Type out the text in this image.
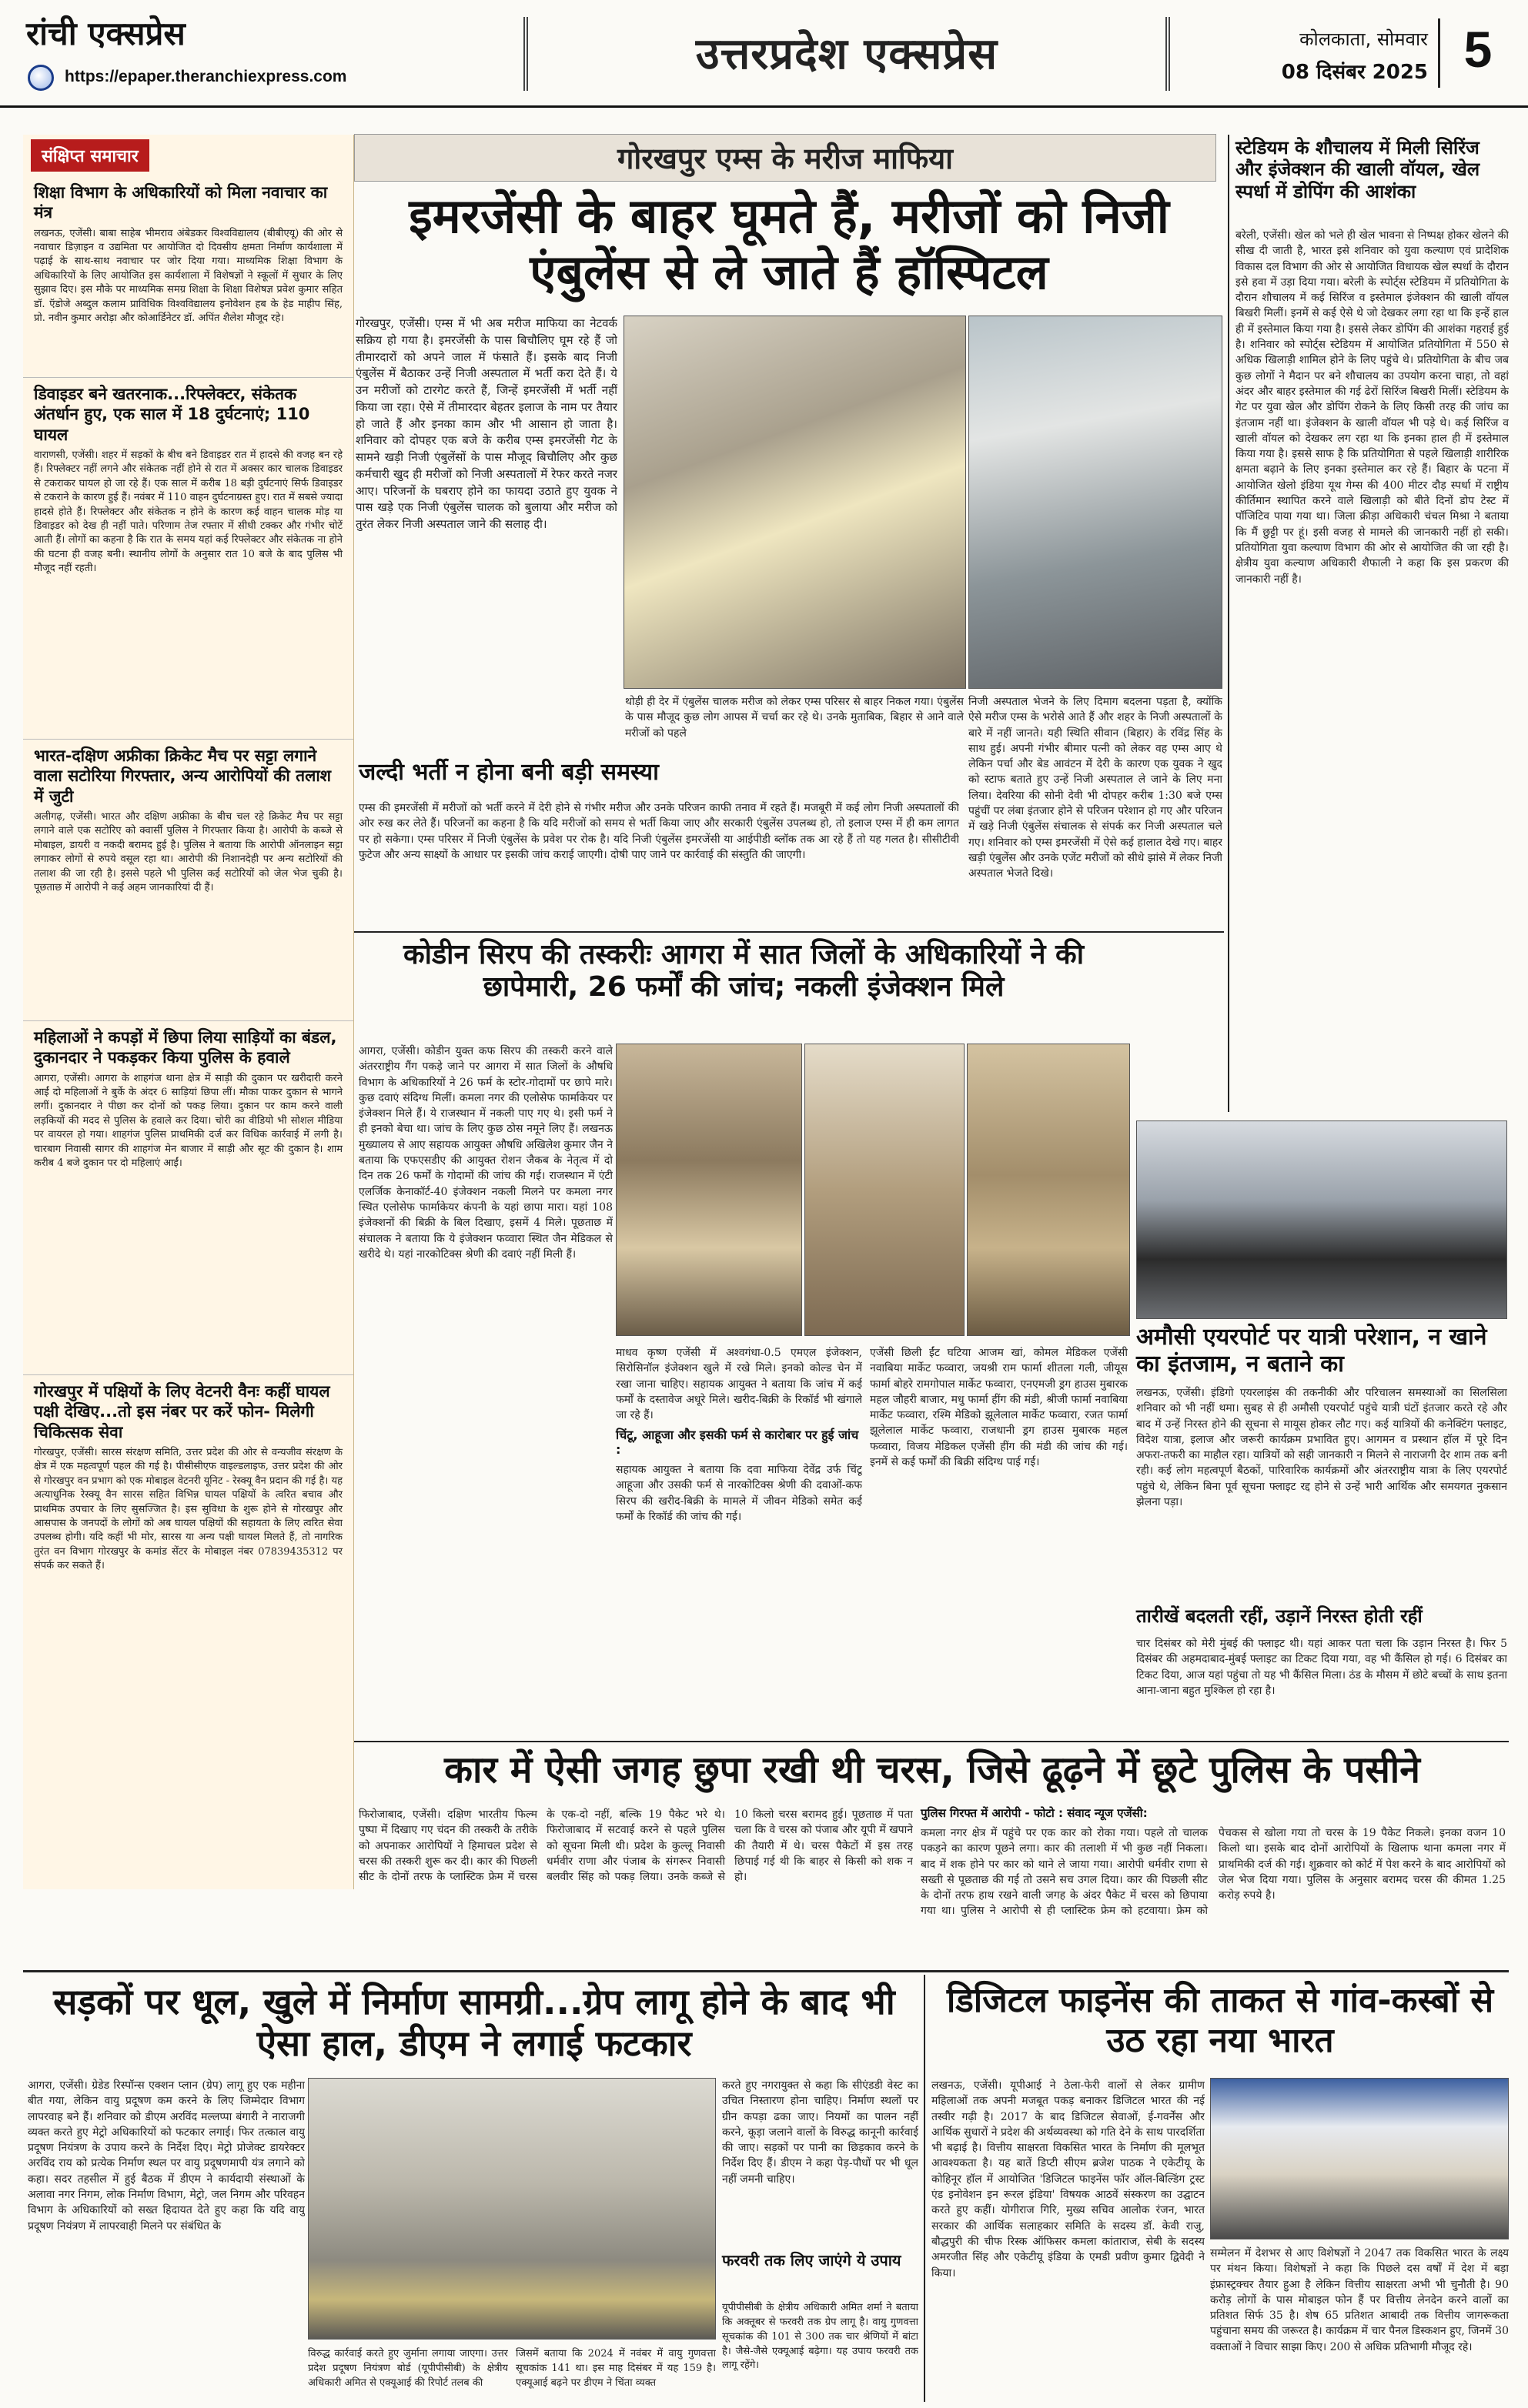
रांची एक्सप्रेस
https://epaper.theranchiexpress.com	उत्तरप्रदेश एक्सप्रेस	कोलकाता, सोमवार
08 दिसंबर 2025 5
संक्षिप्त समाचार
शिक्षा विभाग के अधिकारियों को मिला नवाचार का मंत्र
लखनऊ, एजेंसी। बाबा साहेब भीमराव अंबेडकर विश्वविद्यालय (बीबीएयू) की ओर से नवाचार डिज़ाइन व उद्यमिता पर आयोजित दो दिवसीय क्षमता निर्माण कार्यशाला में पढ़ाई के साथ-साथ नवाचार पर जोर दिया गया। माध्यमिक शिक्षा विभाग के अधिकारियों के लिए आयोजित इस कार्यशाला में विशेषज्ञों ने स्कूलों में सुधार के लिए सुझाव दिए। इस मौके पर माध्यमिक समग्र शिक्षा के शिक्षा विशेषज्ञ प्रवेश कुमार सहित डॉ. ऍडोजे अब्दुल कलाम प्राविधिक विश्वविद्यालय इनोवेशन हब के हेड माहीप सिंह, प्रो. नवीन कुमार अरोड़ा और कोआर्डिनेटर डॉ. अपिंत शैलेश मौजूद रहे।
डिवाइडर बने खतरनाक...रिफ्लेक्टर, संकेतक अंतर्धान हुए, एक साल में 18 दुर्घटनाएं; 110 घायल
वाराणसी, एजेंसी। शहर में सड़कों के बीच बने डिवाइडर रात में हादसे की वजह बन रहे हैं। रिफ्लेक्टर नहीं लगने और संकेतक नहीं होने से रात में अक्सर कार चालक डिवाइडर से टकराकर घायल हो जा रहे हैं। एक साल में करीब 18 बड़ी दुर्घटनाएं सिर्फ डिवाइडर से टकराने के कारण हुई हैं। नवंबर में 110 वाहन दुर्घटनाग्रस्त हुए। रात में सबसे ज्यादा हादसे होते हैं। रिफ्लेक्टर और संकेतक न होने के कारण कई वाहन चालक मोड़ या डिवाइडर को देख ही नहीं पाते। परिणाम तेज रफ्तार में सीधी टक्कर और गंभीर चोटें आती हैं। लोगों का कहना है कि रात के समय यहां कई रिफ्लेक्टर और संकेतक ना होने की घटना ही वजह बनी। स्थानीय लोगों के अनुसार रात 10 बजे के बाद पुलिस भी मौजूद नहीं रहती।
भारत-दक्षिण अफ्रीका क्रिकेट मैच पर सट्टा लगाने वाला सटोरिया गिरफ्तार, अन्य आरोपियों की तलाश में जुटी
अलीगढ़, एजेंसी। भारत और दक्षिण अफ्रीका के बीच चल रहे क्रिकेट मैच पर सट्टा लगाने वाले एक सटोरिए को क्वार्सी पुलिस ने गिरफ्तार किया है। आरोपी के कब्जे से मोबाइल, डायरी व नकदी बरामद हुई है। पुलिस ने बताया कि आरोपी ऑनलाइन सट्टा लगाकर लोगों से रुपये वसूल रहा था। आरोपी की निशानदेही पर अन्य सटोरियों की तलाश की जा रही है। इससे पहले भी पुलिस कई सटोरियों को जेल भेज चुकी है। पूछताछ में आरोपी ने कई अहम जानकारियां दी हैं।
महिलाओं ने कपड़ों में छिपा लिया साड़ियों का बंडल, दुकानदार ने पकड़कर किया पुलिस के हवाले
आगरा, एजेंसी। आगरा के शाहगंज थाना क्षेत्र में साड़ी की दुकान पर खरीदारी करने आईं दो महिलाओं ने बुर्के के अंदर 6 साड़ियां छिपा लीं। मौका पाकर दुकान से भागने लगीं। दुकानदार ने पीछा कर दोनों को पकड़ लिया। दुकान पर काम करने वाली लड़कियों की मदद से पुलिस के हवाले कर दिया। चोरी का वीडियो भी सोशल मीडिया पर वायरल हो गया। शाहगंज पुलिस प्राथमिकी दर्ज कर विधिक कार्रवाई में लगी है। चारबाग निवासी सागर की शाहगंज मेन बाजार में साड़ी और सूट की दुकान है। शाम करीब 4 बजे दुकान पर दो महिलाएं आईं।
गोरखपुर में पक्षियों के लिए वेटनरी वैनः कहीं घायल पक्षी देखिए...तो इस नंबर पर करें फोन- मिलेगी चिकित्सक सेवा
गोरखपुर, एजेंसी। सारस संरक्षण समिति, उत्तर प्रदेश की ओर से वन्यजीव संरक्षण के क्षेत्र में एक महत्वपूर्ण पहल की गई है। पीसीसीएफ वाइल्डलाइफ, उत्तर प्रदेश की ओर से गोरखपुर वन प्रभाग को एक मोबाइल वेटनरी यूनिट - रेस्क्यू वैन प्रदान की गई है। यह अत्याधुनिक रेस्क्यू वैन सारस सहित विभिन्न घायल पक्षियों के त्वरित बचाव और प्राथमिक उपचार के लिए सुसज्जित है। इस सुविधा के शुरू होने से गोरखपुर और आसपास के जनपदों के लोगों को अब घायल पक्षियों की सहायता के लिए त्वरित सेवा उपलब्ध होगी। यदि कहीं भी मोर, सारस या अन्य पक्षी घायल मिलते हैं, तो नागरिक तुरंत वन विभाग गोरखपुर के कमांड सेंटर के मोबाइल नंबर 07839435312 पर संपर्क कर सकते हैं।
गोरखपुर एम्स के मरीज माफिया
इमरजेंसी के बाहर घूमते हैं, मरीजों को निजी एंबुलेंस से ले जाते हैं हॉस्पिटल
गोरखपुर, एजेंसी। एम्स में भी अब मरीज माफिया का नेटवर्क सक्रिय हो गया है। इमरजेंसी के पास बिचौलिए घूम रहे हैं जो तीमारदारों को अपने जाल में फंसाते हैं। इसके बाद निजी एंबुलेंस में बैठाकर उन्हें निजी अस्पताल में भर्ती करा देते हैं। ये उन मरीजों को टारगेट करते हैं, जिन्हें इमरजेंसी में भर्ती नहीं किया जा रहा। ऐसे में तीमारदार बेहतर इलाज के नाम पर तैयार हो जाते हैं और इनका काम और भी आसान हो जाता है। शनिवार को दोपहर एक बजे के करीब एम्स इमरजेंसी गेट के सामने खड़ी निजी एंबुलेंसों के पास मौजूद बिचौलिए और कुछ कर्मचारी खुद ही मरीजों को निजी अस्पतालों में रेफर करते नजर आए। परिजनों के घबराए होने का फायदा उठाते हुए युवक ने पास खड़े एक निजी एंबुलेंस चालक को बुलाया और मरीज को तुरंत लेकर निजी अस्पताल जाने की सलाह दी।
थोड़ी ही देर में एंबुलेंस चालक मरीज को लेकर एम्स परिसर से बाहर निकल गया। एंबुलेंस के पास मौजूद कुछ लोग आपस में चर्चा कर रहे थे। उनके मुताबिक, बिहार से आने वाले मरीजों को पहले
निजी अस्पताल भेजने के लिए दिमाग बदलना पड़ता है, क्योंकि ऐसे मरीज एम्स के भरोसे आते हैं और शहर के निजी अस्पतालों के बारे में नहीं जानते। यही स्थिति सीवान (बिहार) के रविंद्र सिंह के साथ हुई। अपनी गंभीर बीमार पत्नी को लेकर वह एम्स आए थे लेकिन पर्चा और बेड आवंटन में देरी के कारण एक युवक ने खुद को स्टाफ बताते हुए उन्हें निजी अस्पताल ले जाने के लिए मना लिया। देवरिया की सोनी देवी भी दोपहर करीब 1:30 बजे एम्स पहुंचीं पर लंबा इंतजार होने से परिजन परेशान हो गए और परिजन में खड़े निजी एंबुलेंस संचालक से संपर्क कर निजी अस्पताल चले गए। शनिवार को एम्स इमरजेंसी में ऐसे कई हालात देखे गए। बाहर खड़ी एंबुलेंस और उनके एजेंट मरीजों को सीधे झांसे में लेकर निजी अस्पताल भेजते दिखे।
जल्दी भर्ती न होना बनी बड़ी समस्या
एम्स की इमरजेंसी में मरीजों को भर्ती करने में देरी होने से गंभीर मरीज और उनके परिजन काफी तनाव में रहते हैं। मजबूरी में कई लोग निजी अस्पतालों की ओर रुख कर लेते हैं। परिजनों का कहना है कि यदि मरीजों को समय से भर्ती किया जाए और सरकारी एंबुलेंस उपलब्ध हो, तो इलाज एम्स में ही कम लागत पर हो सकेगा। एम्स परिसर में निजी एंबुलेंस के प्रवेश पर रोक है। यदि निजी एंबुलेंस इमरजेंसी या आईपीडी ब्लॉक तक आ रहे हैं तो यह गलत है। सीसीटीवी फुटेज और अन्य साक्ष्यों के आधार पर इसकी जांच कराई जाएगी। दोषी पाए जाने पर कार्रवाई की संस्तुति की जाएगी।
स्टेडियम के शौचालय में मिली सिरिंज और इंजेक्शन की खाली वॉयल, खेल स्पर्धा में डोपिंग की आशंका
बरेली, एजेंसी। खेल को भले ही खेल भावना से निष्पक्ष होकर खेलने की सीख दी जाती है, भारत इसे शनिवार को युवा कल्याण एवं प्रादेशिक विकास दल विभाग की ओर से आयोजित विधायक खेल स्पर्धा के दौरान इसे हवा में उड़ा दिया गया। बरेली के स्पोर्ट्स स्टेडियम में प्रतियोगिता के दौरान शौचालय में कई सिरिंज व इस्तेमाल इंजेक्शन की खाली वॉयल बिखरी मिलीं। इनमें से कई ऐसे थे जो देखकर लगा रहा था कि इन्हें हाल ही में इस्तेमाल किया गया है। इससे लेकर डोपिंग की आशंका गहराई हुई है। शनिवार को स्पोर्ट्स स्टेडियम में आयोजित प्रतियोगिता में 550 से अधिक खिलाड़ी शामिल होने के लिए पहुंचे थे। प्रतियोगिता के बीच जब कुछ लोगों ने मैदान पर बने शौचालय का उपयोग करना चाहा, तो वहां अंदर और बाहर इस्तेमाल की गई ढेरों सिरिंज बिखरी मिलीं। स्टेडियम के गेट पर युवा खेल और डोपिंग रोकने के लिए किसी तरह की जांच का इंतजाम नहीं था। इंजेक्शन के खाली वॉयल भी पड़े थे। कई सिरिंज व खाली वॉयल को देखकर लग रहा था कि इनका हाल ही में इस्तेमाल किया गया है। इससे साफ है कि प्रतियोगिता से पहले खिलाड़ी शारीरिक क्षमता बढ़ाने के लिए इनका इस्तेमाल कर रहे हैं। बिहार के पटना में आयोजित खेलो इंडिया यूथ गेम्स की 400 मीटर दौड़ स्पर्धा में राष्ट्रीय कीर्तिमान स्थापित करने वाले खिलाड़ी को बीते दिनों डोप टेस्ट में पॉजिटिव पाया गया था। जिला क्रीड़ा अधिकारी चंचल मिश्रा ने बताया कि मैं छुट्टी पर हूं। इसी वजह से मामले की जानकारी नहीं हो सकी। प्रतियोगिता युवा कल्याण विभाग की ओर से आयोजित की जा रही है। क्षेत्रीय युवा कल्याण अधिकारी शैफाली ने कहा कि इस प्रकरण की जानकारी नहीं है।
कोडीन सिरप की तस्करीः आगरा में सात जिलों के अधिकारियों ने की छापेमारी, 26 फर्मों की जांच; नकली इंजेक्शन मिले
आगरा, एजेंसी। कोडीन युक्त कफ सिरप की तस्करी करने वाले अंतरराष्ट्रीय गैंग पकड़े जाने पर आगरा में सात जिलों के औषधि विभाग के अधिकारियों ने 26 फर्म के स्टोर-गोदामों पर छापे मारे। कुछ दवाएं संदिग्ध मिलीं। कमला नगर की एलोसेफ फार्माकेयर पर इंजेक्शन मिले हैं। ये राजस्थान में नकली पाए गए थे। इसी फर्म ने ही इनको बेचा था। जांच के लिए कुछ ठोस नमूने लिए हैं। लखनऊ मुख्यालय से आए सहायक आयुक्त औषधि अखिलेश कुमार जैन ने बताया कि एफएसडीए की आयुक्त रोशन जैकब के नेतृत्व में दो दिन तक 26 फर्मों के गोदामों की जांच की गई। राजस्थान में एंटी एलर्जिक केनाकॉर्ट-40 इंजेक्शन नकली मिलने पर कमला नगर स्थित एलोसेफ फार्माकेयर कंपनी के यहां छापा मारा। यहां 108 इंजेक्शनों की बिक्री के बिल दिखाए, इसमें 4 मिले। पूछताछ में संचालक ने बताया कि ये इंजेक्शन फव्वारा स्थित जैन मेडिकल से खरीदे थे। यहां नारकोटिक्स श्रेणी की दवाएं नहीं मिली हैं।
माधव कृष्ण एजेंसी में अश्वगंधा-0.5 एमएल इंजेक्शन, सिरोसिनॉल इंजेक्शन खुले में रखे मिले। इनको कोल्ड चेन में रखा जाना चाहिए। सहायक आयुक्त ने बताया कि जांच में कई फर्मों के दस्तावेज अधूरे मिले। खरीद-बिक्री के रिकॉर्ड भी खंगाले जा रहे हैं।
चिंटू, आहूजा और इसकी फर्म से कारोबार पर हुई जांच :
सहायक आयुक्त ने बताया कि दवा माफिया देवेंद्र उर्फ चिंटू आहूजा और उसकी फर्म से नारकोटिक्स श्रेणी की दवाओं-कफ सिरप की खरीद-बिक्री के मामले में जीवन मेडिको समेत कई फर्मों के रिकॉर्ड की जांच की गई।
एजेंसी छिली ईंट घटिया आजम खां, कोमल मेडिकल एजेंसी नवाबिया मार्केट फव्वारा, जयश्री राम फार्मा शीतला गली, जीयूस फार्मा बोहरे रामगोपाल मार्केट फव्वारा, एनएमजी ड्रग हाउस मुबारक महल जौहरी बाजार, मधु फार्मा हींग की मंडी, श्रीजी फार्मा नवाबिया मार्केट फव्वारा, रश्मि मेडिको झूलेलाल मार्केट फव्वारा, रजत फार्मा झूलेलाल मार्केट फव्वारा, राजधानी ड्रग हाउस मुबारक महल फव्वारा, विजय मेडिकल एजेंसी हींग की मंडी की जांच की गई। इनमें से कई फर्मों की बिक्री संदिग्ध पाई गई।
अमौसी एयरपोर्ट पर यात्री परेशान, न खाने का इंतजाम, न बताने का
लखनऊ, एजेंसी। इंडिगो एयरलाइंस की तकनीकी और परिचालन समस्याओं का सिलसिला शनिवार को भी नहीं थमा। सुबह से ही अमौसी एयरपोर्ट पहुंचे यात्री घंटों इंतजार करते रहे और बाद में उन्हें निरस्त होने की सूचना से मायूस होकर लौट गए। कई यात्रियों की कनेक्टिंग फ्लाइट, विदेश यात्रा, इलाज और जरूरी कार्यक्रम प्रभावित हुए। आगमन व प्रस्थान हॉल में पूरे दिन अफरा-तफरी का माहौल रहा। यात्रियों को सही जानकारी न मिलने से नाराजगी देर शाम तक बनी रही। कई लोग महत्वपूर्ण बैठकों, पारिवारिक कार्यक्रमों और अंतरराष्ट्रीय यात्रा के लिए एयरपोर्ट पहुंचे थे, लेकिन बिना पूर्व सूचना फ्लाइट रद्द होने से उन्हें भारी आर्थिक और समयगत नुकसान झेलना पड़ा।
तारीखें बदलती रहीं, उड़ानें निरस्त होती रहीं
चार दिसंबर को मेरी मुंबई की फ्लाइट थी। यहां आकर पता चला कि उड़ान निरस्त है। फिर 5 दिसंबर की अहमदाबाद-मुंबई फ्लाइट का टिकट दिया गया, वह भी कैंसिल हो गई। 6 दिसंबर का टिकट दिया, आज यहां पहुंचा तो यह भी कैंसिल मिला। ठंड के मौसम में छोटे बच्चों के साथ इतना आना-जाना बहुत मुश्किल हो रहा है।
कार में ऐसी जगह छुपा रखी थी चरस, जिसे ढूढ़ने में छूटे पुलिस के पसीने
फिरोजाबाद, एजेंसी। दक्षिण भारतीय फिल्म पुष्पा में दिखाए गए चंदन की तस्करी के तरीके को अपनाकर आरोपियों ने हिमाचल प्रदेश से चरस की तस्करी शुरू कर दी। कार की पिछली सीट के दोनों तरफ के प्लास्टिक फ्रेम में चरस के एक-दो नहीं, बल्कि 19 पैकेट भरे थे। फिरोजाबाद में सटवाई करने से पहले पुलिस को सूचना मिली थी। प्रदेश के कुल्लू निवासी धर्मवीर राणा और पंजाब के संगरूर निवासी बलवीर सिंह को पकड़ लिया। उनके कब्जे से 10 किलो चरस बरामद हुई। पूछताछ में पता चला कि वे चरस को पंजाब और यूपी में खपाने की तैयारी में थे। चरस पैकेटों में इस तरह छिपाई गई थी कि बाहर से किसी को शक न हो।
पुलिस गिरफ्त में आरोपी - फोटो : संवाद न्यूज एजेंसी:
कमला नगर क्षेत्र में पहुंचे पर एक कार को रोका गया। पहले तो चालक पकड़ने का कारण पूछने लगा। कार की तलाशी में भी कुछ नहीं निकला। बाद में शक होने पर कार को थाने ले जाया गया। आरोपी धर्मवीर राणा से सख्ती से पूछताछ की गई तो उसने सच उगल दिया। कार की पिछली सीट के दोनों तरफ हाथ रखने वाली जगह के अंदर पैकेट में चरस को छिपाया गया था। पुलिस ने आरोपी से ही प्लास्टिक फ्रेम को हटवाया। फ्रेम को पेचकस से खोला गया तो चरस के 19 पैकेट निकले। इनका वजन 10 किलो था। इसके बाद दोनों आरोपियों के खिलाफ थाना कमला नगर में प्राथमिकी दर्ज की गई। शुक्रवार को कोर्ट में पेश करने के बाद आरोपियों को जेल भेज दिया गया। पुलिस के अनुसार बरामद चरस की कीमत 1.25 करोड़ रुपये है।
सड़कों पर धूल, खुले में निर्माण सामग्री...ग्रेप लागू होने के बाद भी ऐसा हाल, डीएम ने लगाई फटकार
आगरा, एजेंसी। ग्रेडेड रिस्पॉन्स एक्शन प्लान (ग्रेप) लागू हुए एक महीना बीत गया, लेकिन वायु प्रदूषण कम करने के लिए जिम्मेदार विभाग लापरवाह बने हैं। शनिवार को डीएम अरविंद मल्लप्पा बंगारी ने नाराजगी व्यक्त करते हुए मेट्रो अधिकारियों को फटकार लगाई। फिर तत्काल वायु प्रदूषण नियंत्रण के उपाय करने के निर्देश दिए। मेट्रो प्रोजेक्ट डायरेक्टर अरविंद राय को प्रत्येक निर्माण स्थल पर वायु प्रदूषणमापी यंत्र लगाने को कहा। सदर तहसील में हुई बैठक में डीएम ने कार्यदायी संस्थाओं के अलावा नगर निगम, लोक निर्माण विभाग, मेट्रो, जल निगम और परिवहन विभाग के अधिकारियों को सख्त हिदायत देते हुए कहा कि यदि वायु प्रदूषण नियंत्रण में लापरवाही मिलने पर संबंधित के
विरुद्ध कार्रवाई करते हुए जुर्माना लगाया जाएगा। उत्तर प्रदेश प्रदूषण नियंत्रण बोर्ड (यूपीपीसीबी) के क्षेत्रीय अधिकारी अमित से एक्यूआई की रिपोर्ट तलब की
जिसमें बताया कि 2024 में नवंबर में वायु गुणवत्ता सूचकांक 141 था। इस माह दिसंबर में यह 159 है। एक्यूआई बढ़ने पर डीएम ने चिंता व्यक्त
करते हुए नगरायुक्त से कहा कि सीएंडडी वेस्ट का उचित निस्तारण होना चाहिए। निर्माण स्थलों पर ग्रीन कपड़ा ढका जाए। नियमों का पालन नहीं करने, कूड़ा जलाने वालों के विरुद्ध कानूनी कार्रवाई की जाए। सड़कों पर पानी का छिड़काव करने के निर्देश दिए हैं। डीएम ने कहा पेड़-पौधों पर भी धूल नहीं जमनी चाहिए।
फरवरी तक लिए जाएंगे ये उपाय
यूपीपीसीबी के क्षेत्रीय अधिकारी अमित शर्मा ने बताया कि अक्तूबर से फरवरी तक ग्रेप लागू है। वायु गुणवत्ता सूचकांक की 101 से 300 तक चार श्रेणियों में बांटा है। जैसे-जैसे एक्यूआई बढ़ेगा। यह उपाय फरवरी तक लागू रहेंगे।
डिजिटल फाइनेंस की ताकत से गांव-कस्बों से उठ रहा नया भारत
लखनऊ, एजेंसी। यूपीआई ने ठेला-फेरी वालों से लेकर ग्रामीण महिलाओं तक अपनी मजबूत पकड़ बनाकर डिजिटल भारत की नई तस्वीर गढ़ी है। 2017 के बाद डिजिटल सेवाओं, ई-गवर्नेंस और आर्थिक सुधारों ने प्रदेश की अर्थव्यवस्था को गति देने के साथ पारदर्शिता भी बढ़ाई है। वित्तीय साक्षरता विकसित भारत के निर्माण की मूलभूत आवश्यकता है। यह बातें डिप्टी सीएम ब्रजेश पाठक ने एकेटीयू के कोहिनूर हॉल में आयोजित 'डिजिटल फाइनेंस फॉर ऑल-बिल्डिंग ट्रस्ट एंड इनोवेशन इन रूरल इंडिया' विषयक आठवें संस्करण का उद्घाटन करते हुए कहीं। योगीराज गिरि, मुख्य सचिव आलोक रंजन, भारत सरकार की आर्थिक सलाहकार समिति के सदस्य डॉ. केवी राजु, बौद्धपुरी की चीफ रिस्क ऑफिसर कमला कांताराज, सेबी के सदस्य अमरजीत सिंह और एकेटीयू इंडिया के एमडी प्रवीण कुमार द्विवेदी ने किया।
सम्मेलन में देशभर से आए विशेषज्ञों ने 2047 तक विकसित भारत के लक्ष्य पर मंथन किया। विशेषज्ञों ने कहा कि पिछले दस वर्षों में देश में बड़ा इंफ्रास्ट्रक्चर तैयार हुआ है लेकिन वित्तीय साक्षरता अभी भी चुनौती है। 90 करोड़ लोगों के पास मोबाइल फोन हैं पर वित्तीय लेनदेन करने वालों का प्रतिशत सिर्फ 35 है। शेष 65 प्रतिशत आबादी तक वित्तीय जागरूकता पहुंचाना समय की जरूरत है। कार्यक्रम में चार पैनल डिस्कशन हुए, जिनमें 30 वक्ताओं ने विचार साझा किए। 200 से अधिक प्रतिभागी मौजूद रहे।
